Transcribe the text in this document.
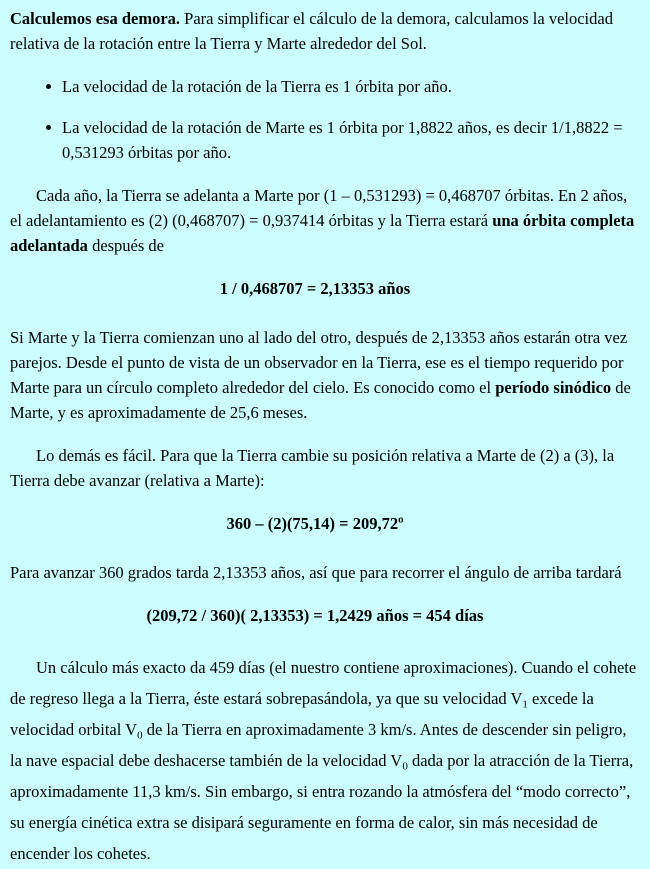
Calculemos esa demora. Para simplificar el cálculo de la demora, calculamos la velocidad relativa de la rotación entre la Tierra y Marte alrededor del Sol.

La velocidad de la rotación de la Tierra es 1 órbita por año.
La velocidad de la rotación de Marte es 1 órbita por 1,8822 años, es decir 1/1,8822 = 0,531293 órbitas por año.

Cada año, la Tierra se adelanta a Marte por (1 – 0,531293) = 0,468707 órbitas. En 2 años, el adelantamiento es (2) (0,468707) = 0,937414 órbitas y la Tierra estará una órbita completa adelantada después de

1 / 0,468707 = 2,13353 años

Si Marte y la Tierra comienzan uno al lado del otro, después de 2,13353 años estarán otra vez parejos. Desde el punto de vista de un observador en la Tierra, ese es el tiempo requerido por Marte para un círculo completo alrededor del cielo. Es conocido como el período sinódico de Marte, y es aproximadamente de 25,6 meses.

Lo demás es fácil. Para que la Tierra cambie su posición relativa a Marte de (2) a (3), la Tierra debe avanzar (relativa a Marte):

360 – (2)(75,14) = 209,72º

Para avanzar 360 grados tarda 2,13353 años, así que para recorrer el ángulo de arriba tardará

(209,72 / 360)( 2,13353) = 1,2429 años = 454 días

Un cálculo más exacto da 459 días (el nuestro contiene aproximaciones). Cuando el cohete de regreso llega a la Tierra, éste estará sobrepasándola, ya que su velocidad $V_1$ excede la velocidad orbital $V_0$ de la Tierra en aproximadamente 3 km/s. Antes de descender sin peligro, la nave espacial debe deshacerse también de la velocidad $V_0$ dada por la atracción de la Tierra, aproximadamente 11,3 km/s. Sin embargo, si entra rozando la atmósfera del “modo correcto”, su energía cinética extra se disipará seguramente en forma de calor, sin más necesidad de encender los cohetes.
